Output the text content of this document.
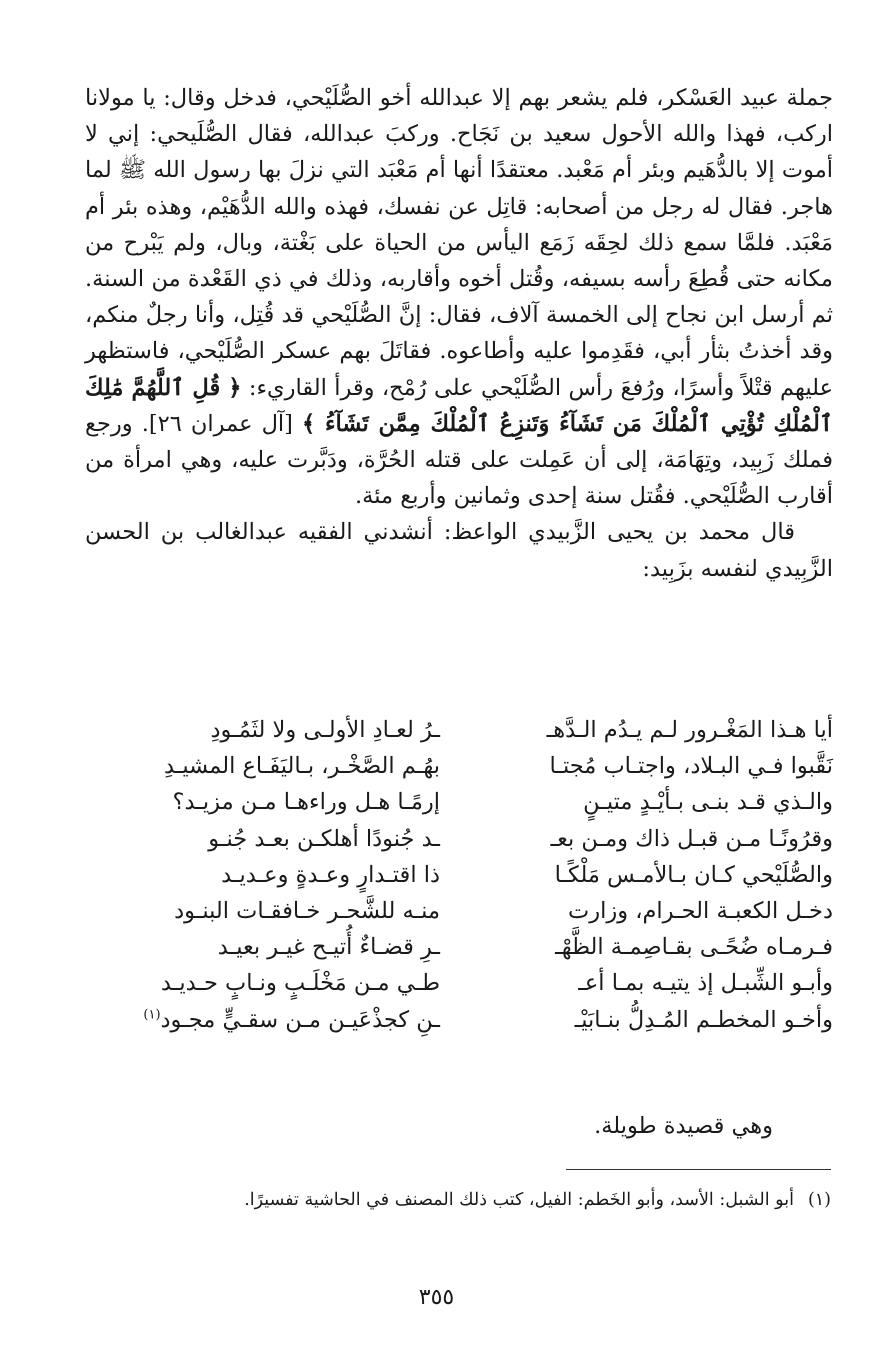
جملة عبيد العَسْكر، فلم يشعر بهم إلا عبدالله أخو الصُّلَيْحي، فدخل وقال: يا مولانا اركب، فهذا والله الأحول سعيد بن نَجَاح. وركبَ عبدالله، فقال الصُّلَيحي: إني لا أموت إلا بالدُّهَيم وبئر أم مَعْبد. معتقدًا أنها أم مَعْبَد التي نزلَ بها رسول الله ﷺ لما هاجر. فقال له رجل من أصحابه: قاتِل عن نفسك، فهذه والله الدُّهَيْم، وهذه بئر أم مَعْبَد. فلمَّا سمع ذلك لحِقَه زَمَع اليأس من الحياة على بَغْتة، وبال، ولم يَبْرح من مكانه حتى قُطِعَ رأسه بسيفه، وقُتل أخوه وأقاربه، وذلك في ذي القَعْدة من السنة. ثم أرسل ابن نجاح إلى الخمسة آلاف، فقال: إنَّ الصُّلَيْحي قد قُتِل، وأنا رجلٌ منكم، وقد أخذتُ بثأر أبي، فقَدِموا عليه وأطاعوه. فقاتَلَ بهم عسكر الصُّلَيْحي، فاستظهر عليهم قتْلاً وأسرًا، ورُفعَ رأس الصُّلَيْحي على رُمْح، وقرأ القاريء: ﴿ قُلِ ٱللَّهُمَّ مَٰلِكَ ٱلْمُلْكِ تُؤْتِي ٱلْمُلْكَ مَن تَشَآءُ وَتَنزِعُ ٱلْمُلْكَ مِمَّن تَشَآءُ ﴾ [آل عمران ٢٦]. ورجع فملك زَبِيد، وتِهَامَة، إلى أن عَمِلت على قتله الحُرَّة، ودَبَّرت عليه، وهي امرأة من أقارب الصُّلَيْحي. فقُتل سنة إحدى وثمانين وأربع مئة.

قال محمد بن يحيى الزَّبيدي الواعظ: أنشدني الفقيه عبدالغالب بن الحسن الزَّبِيدي لنفسه بزَبِيد:

أيا هـذا المَغْـرور لـم يـدُم الـدَّهـ
ـرُ لعـادِ الأولـى ولا لثَمُـودِ
نَقَّبوا فـي البـلاد، واجتـاب مُجتـا
بهُـم الصَّخْـر، بـاليَفَـاع المشيـدِ
والـذي قـد بنـى بـأيْـدٍ متيـنٍ
إرمًـا هـل وراءهـا مـن مزيـد؟
وقرُونًـا مـن قبـل ذاك ومـن بعـ
ـد جُنودًا أهلكـن بعـد جُنـو
والصُّلَيْحي كـان بـالأمـس مَلْكًـا
ذا اقتـدارٍ وعـدةٍ وعـديـد
دخـل الكعبـة الحـرام، وزارت
منـه للشَّحـر خـافقـات البنـود
فـرمـاه ضُحًـى بقـاصِمـة الظَّهْـ
ـرِ قضـاءٌ أُتيـح غيـر بعيـد
وأبـو الشِّبـل إذ يتيـه بمـا أعـ
طـي مـن مَخْلَـبٍ ونـابٍ حـديـد
وأخـو المخطـم المُـدِلُّ بنـابَيْـ
ـنِ كجذْعَيـن مـن سقـيٍّ مجـود$^{(١)}$
وهي قصيدة طويلة.
(١)أبو الشبل: الأسد، وأبو الخَطم: الفيل، كتب ذلك المصنف في الحاشية تفسيرًا.
٣٥٥
